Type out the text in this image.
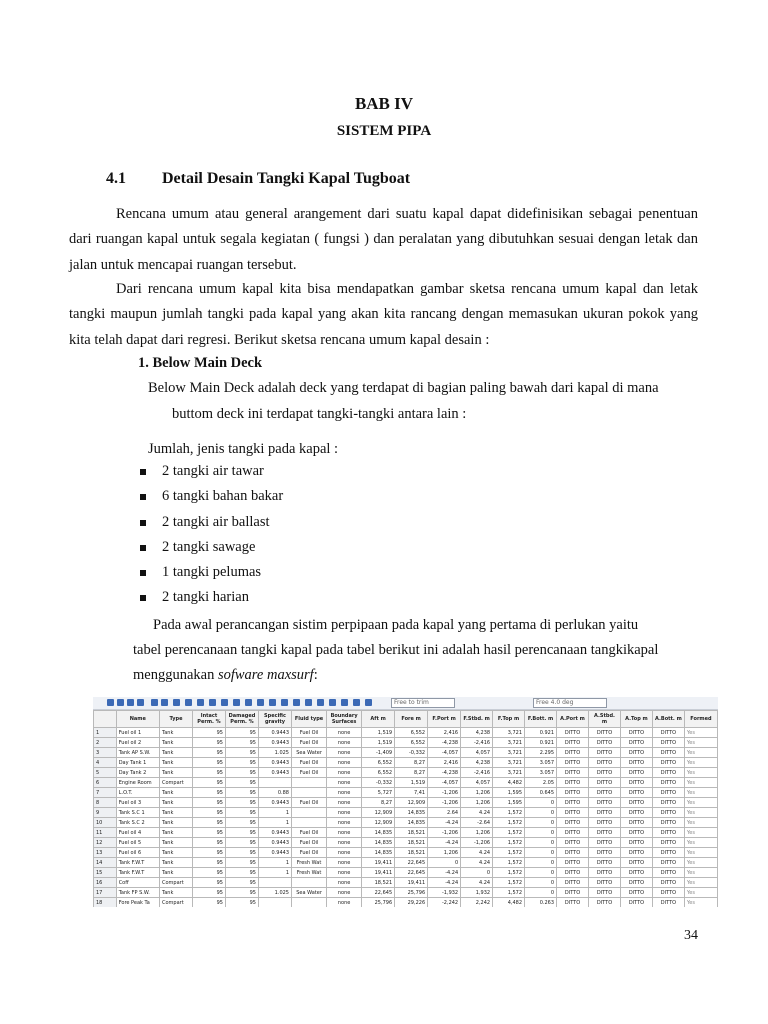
BAB IV
SISTEM PIPA
4.1 Detail Desain Tangki Kapal Tugboat
Rencana umum atau general arangement dari suatu kapal dapat didefinisikan sebagai penentuan dari ruangan kapal untuk segala kegiatan ( fungsi ) dan peralatan yang dibutuhkan sesuai dengan letak dan jalan untuk mencapai ruangan tersebut.
Dari rencana umum kapal kita bisa mendapatkan gambar sketsa rencana umum kapal dan letak tangki maupun jumlah tangki pada kapal yang akan kita rancang dengan memasukan ukuran pokok yang kita telah dapat dari regresi. Berikut sketsa rencana umum kapal desain :
1. Below Main Deck
Below Main Deck adalah deck yang terdapat di bagian paling bawah dari kapal di mana
buttom deck ini terdapat tangki-tangki antara lain :
Jumlah, jenis tangki pada kapal :
2 tangki air tawar
6 tangki bahan bakar
2 tangki air ballast
2 tangki sawage
1 tangki pelumas
2 tangki harian
Pada awal perancangan sistim perpipaan pada kapal yang pertama di perlukan yaitu
tabel perencanaan tangki kapal pada tabel berikut ini adalah hasil perencanaan tangkikapal
menggunakan sofware maxsurf:
Free to trim	Free 4.0 deg
	Name	Type	Intact Perm. %	Damaged Perm. %	Specific gravity	Fluid type	Boundary Surfaces	Aft m	Fore m	F.Port m	F.Stbd. m	F.Top m	F.Bott. m	A.Port m	A.Stbd. m	A.Top m	A.Bott. m	Formed
1	Fuel oil 1	Tank	95	95	0.9443	Fuel Oil	none	1,519	6,552	2,416	4,238	3,721	0.921	DITTO	DITTO	DITTO	DITTO	Yes
2	Fuel oil 2	Tank	95	95	0.9443	Fuel Oil	none	1,519	6,552	-4,238	-2,416	3,721	0.921	DITTO	DITTO	DITTO	DITTO	Yes
3	Tank AP S.W.	Tank	95	95	1.025	Sea Water	none	-1,409	-0,332	-4,057	4,057	3,721	2.295	DITTO	DITTO	DITTO	DITTO	Yes
4	Day Tank 1	Tank	95	95	0.9443	Fuel Oil	none	6,552	8,27	2,416	4,238	3,721	3.057	DITTO	DITTO	DITTO	DITTO	Yes
5	Day Tank 2	Tank	95	95	0.9443	Fuel Oil	none	6,552	8,27	-4,238	-2,416	3,721	3.057	DITTO	DITTO	DITTO	DITTO	Yes
6	Engine Room	Compart	95	95			none	-0,332	1,519	-4,057	4,057	4,482	2.05	DITTO	DITTO	DITTO	DITTO	Yes
7	L.O.T.	Tank	95	95	0.88		none	5,727	7,41	-1,206	1,206	1,595	0.645	DITTO	DITTO	DITTO	DITTO	Yes
8	Fuel oil 3	Tank	95	95	0.9443	Fuel Oil	none	8,27	12,909	-1,206	1,206	1,595	0	DITTO	DITTO	DITTO	DITTO	Yes
9	Tank S.C 1	Tank	95	95	1		none	12,909	14,835	2.64	4.24	1,572	0	DITTO	DITTO	DITTO	DITTO	Yes
10	Tank S.C 2	Tank	95	95	1		none	12,909	14,835	-4.24	-2.64	1,572	0	DITTO	DITTO	DITTO	DITTO	Yes
11	Fuel oil 4	Tank	95	95	0.9443	Fuel Oil	none	14,835	18,521	-1,206	1,206	1,572	0	DITTO	DITTO	DITTO	DITTO	Yes
12	Fuel oil 5	Tank	95	95	0.9443	Fuel Oil	none	14,835	18,521	-4.24	-1,206	1,572	0	DITTO	DITTO	DITTO	DITTO	Yes
13	Fuel oil 6	Tank	95	95	0.9443	Fuel Oil	none	14,835	18,521	1,206	4.24	1,572	0	DITTO	DITTO	DITTO	DITTO	Yes
14	Tank F.W.T	Tank	95	95	1	Fresh Wat	none	19,411	22,645	0	4.24	1,572	0	DITTO	DITTO	DITTO	DITTO	Yes
15	Tank F.W.T	Tank	95	95	1	Fresh Wat	none	19,411	22,645	-4.24	0	1,572	0	DITTO	DITTO	DITTO	DITTO	Yes
16	Coff	Compart	95	95			none	18,521	19,411	-4.24	4.24	1,572	0	DITTO	DITTO	DITTO	DITTO	Yes
17	Tank FP S.W.	Tank	95	95	1.025	Sea Water	none	22,645	25,796	-1,932	1,932	1,572	0	DITTO	DITTO	DITTO	DITTO	Yes
18	Fore Peak Ta	Compart	95	95			none	25,796	29,226	-2,242	2,242	4,482	0.263	DITTO	DITTO	DITTO	DITTO	Yes
34
